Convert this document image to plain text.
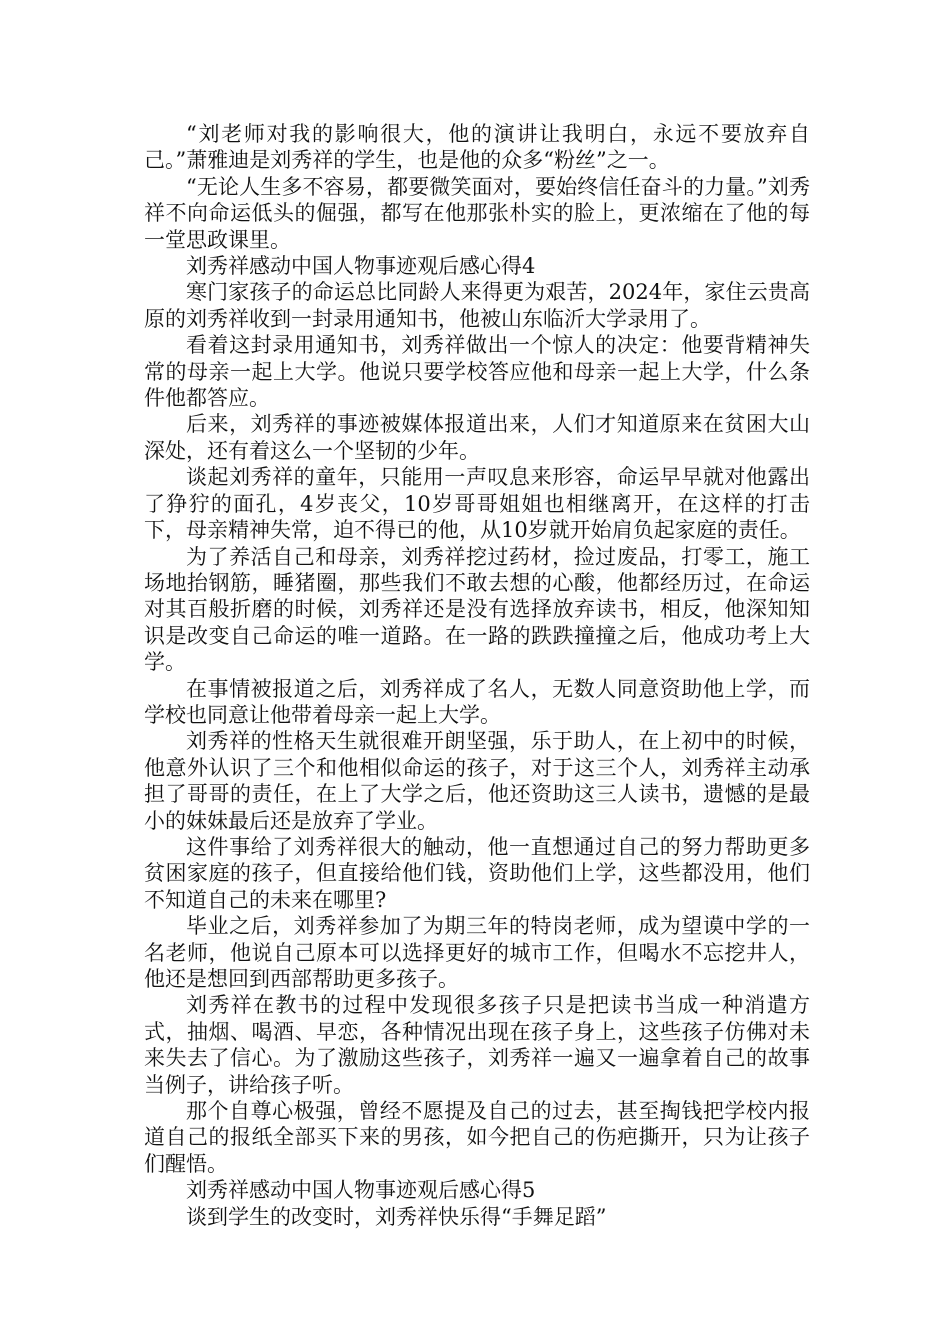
“刘老师对我的影响很大，他的演讲让我明白，永远不要放弃自己。”萧雅迪是刘秀祥的学生，也是他的众多“粉丝”之一。

“无论人生多不容易，都要微笑面对，要始终信任奋斗的力量。”刘秀祥不向命运低头的倔强，都写在他那张朴实的脸上，更浓缩在了他的每一堂思政课里。

刘秀祥感动中国人物事迹观后感心得4

寒门家孩子的命运总比同龄人来得更为艰苦，2024年，家住云贵高原的刘秀祥收到一封录用通知书，他被山东临沂大学录用了。

看着这封录用通知书，刘秀祥做出一个惊人的决定：他要背精神失常的母亲一起上大学。他说只要学校答应他和母亲一起上大学，什么条件他都答应。

后来，刘秀祥的事迹被媒体报道出来，人们才知道原来在贫困大山深处，还有着这么一个坚韧的少年。

谈起刘秀祥的童年，只能用一声叹息来形容，命运早早就对他露出了狰狞的面孔，4岁丧父，10岁哥哥姐姐也相继离开，在这样的打击下，母亲精神失常，迫不得已的他，从10岁就开始肩负起家庭的责任。

为了养活自己和母亲，刘秀祥挖过药材，捡过废品，打零工，施工场地抬钢筋，睡猪圈，那些我们不敢去想的心酸，他都经历过，在命运对其百般折磨的时候，刘秀祥还是没有选择放弃读书，相反，他深知知识是改变自己命运的唯一道路。在一路的跌跌撞撞之后，他成功考上大学。

在事情被报道之后，刘秀祥成了名人，无数人同意资助他上学，而学校也同意让他带着母亲一起上大学。

刘秀祥的性格天生就很难开朗坚强，乐于助人，在上初中的时候，他意外认识了三个和他相似命运的孩子，对于这三个人，刘秀祥主动承担了哥哥的责任，在上了大学之后，他还资助这三人读书，遗憾的是最小的妹妹最后还是放弃了学业。

这件事给了刘秀祥很大的触动，他一直想通过自己的努力帮助更多贫困家庭的孩子，但直接给他们钱，资助他们上学，这些都没用，他们不知道自己的未来在哪里?

毕业之后，刘秀祥参加了为期三年的特岗老师，成为望谟中学的一名老师，他说自己原本可以选择更好的城市工作，但喝水不忘挖井人，他还是想回到西部帮助更多孩子。

刘秀祥在教书的过程中发现很多孩子只是把读书当成一种消遣方式，抽烟、喝酒、早恋，各种情况出现在孩子身上，这些孩子仿佛对未来失去了信心。为了激励这些孩子，刘秀祥一遍又一遍拿着自己的故事当例子，讲给孩子听。

那个自尊心极强，曾经不愿提及自己的过去，甚至掏钱把学校内报道自己的报纸全部买下来的男孩，如今把自己的伤疤撕开，只为让孩子们醒悟。

刘秀祥感动中国人物事迹观后感心得5

谈到学生的改变时，刘秀祥快乐得“手舞足蹈”
